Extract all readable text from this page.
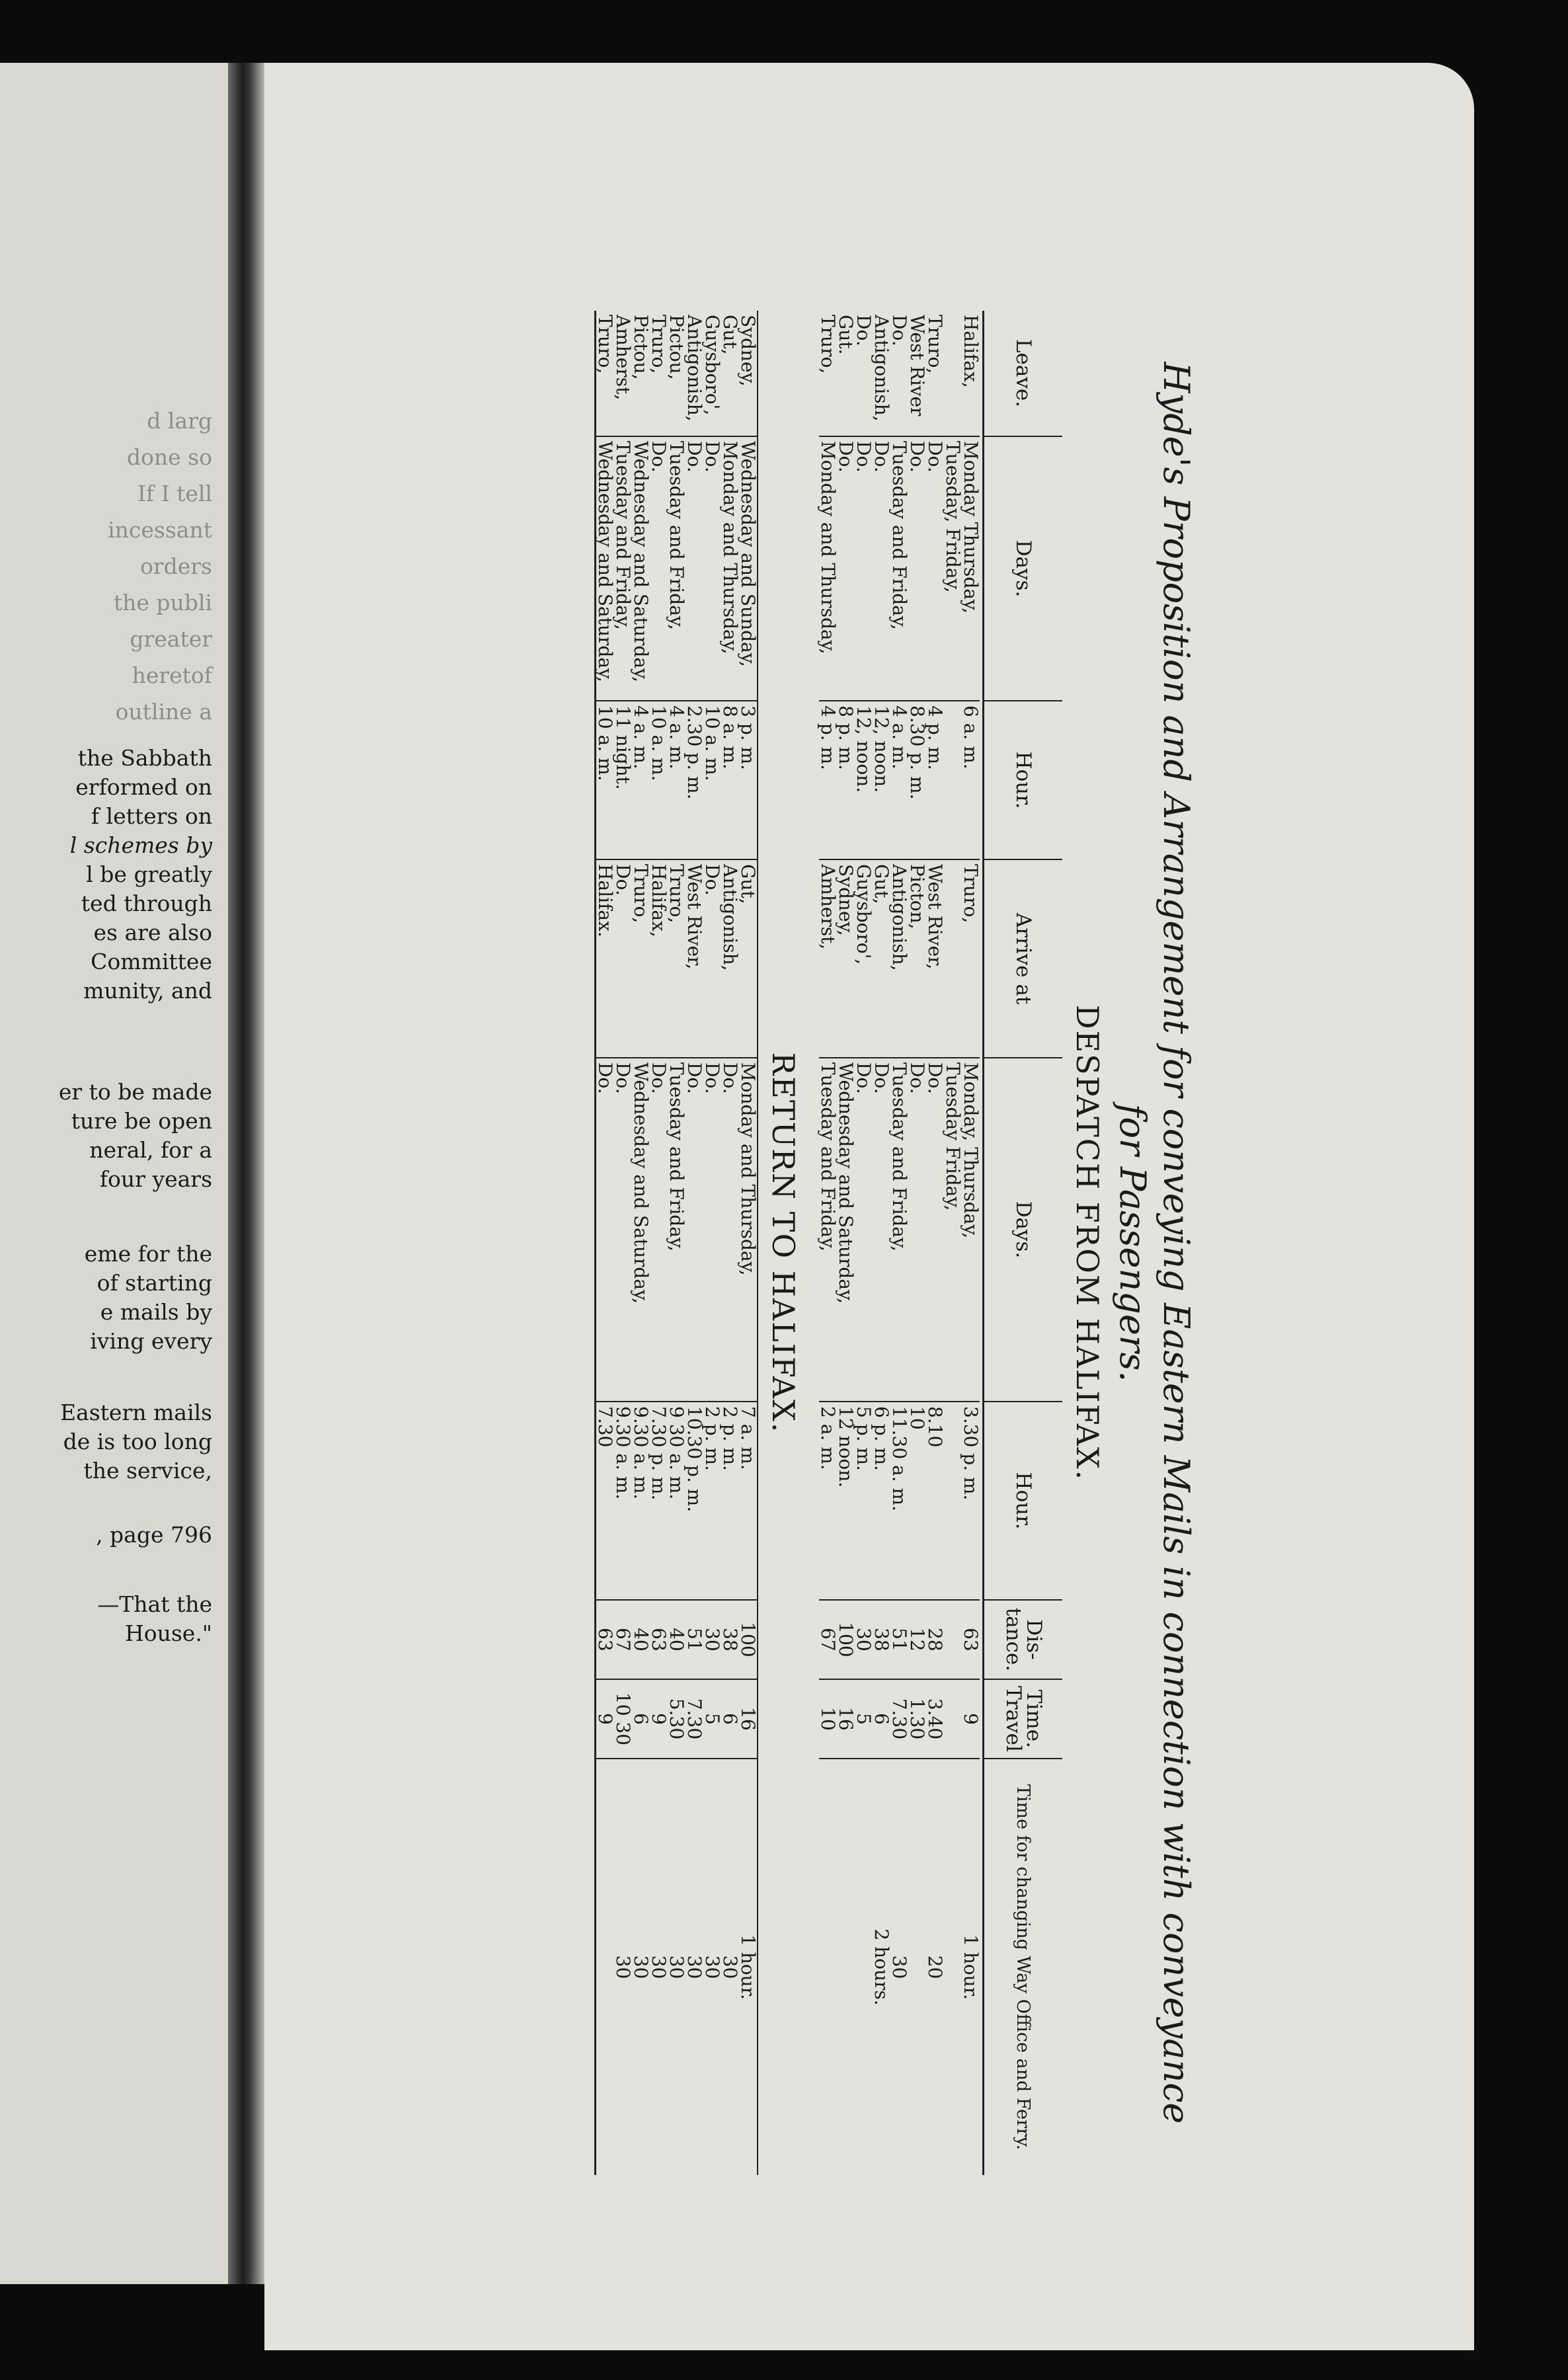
d larg
done so
If I tell
incessant
orders
the publi
greater
heretof
outline a
the Sabbath
erformed on
f letters on
l schemes by
l be greatly
ted through
es are also
Committee
munity, and
er to be made
ture be open
neral, for a
four years
eme for the
of starting
e mails by
iving every
Eastern mails
de is too long
the service,
, page 796
—That the
House."	Hyde's Proposition and Arrangement for conveying Eastern Mails in connection with conveyance
for Passengers.
DESPATCH FROM HALIFAX.
Leave.	Days.	Hour.	Arrive at	Days.	Hour.	Dis-tance.	Time. Travel	Time for changing Way Office and Ferry.
Halifax,	Monday Thursday,	6 a. m.	Truro,	Monday, Thursday,	3.30 p. m.	63	9	1 hour.
	Tuesday, Friday,			Tuesday Friday,				
Truro,	Do.	4 p. m.	West River,	Do.	8.10	28	3.40	20
West River	Do.	8.30 p. m.	Picton,	Do.	10	12	1.30	
Do.	Tuesday and Friday,	4 a. m.	Antigonish,	Tuesday and Friday,	11.30 a. m.	51	7.30	30
Antigonish,	Do.	12, noon.	Gut,	Do.	6 p. m.	38	6	2 hours.
Do.	Do.	12, noon.	Guysboro',	Do.	5 p. m.	30	5	
Gut.	Do.	8 p. m.	Sydney,	Wednesday and Saturday,	12 noon.	100	16	
Truro,	Monday and Thursday,	4 p. m.	Amherst,	Tuesday and Friday,	2 a. m.	67	10	
RETURN TO HALIFAX.
Sydney,	Wednesday and Sunday,	3 p. m.	Gut,	Monday and Thursday,	7 a. m.	100	16	1 hour.
Gut,	Monday and Thursday,	8 a. m.	Antigonish,	Do.	2 p. m.	38	6	30
Guysboro',	Do.	10 a. m.	Do.	Do.	2 p. m.	30	5	30
Antigonish,	Do.	2.30 p. m.	West River,	Do.	10.30 p. m.	51	7.30	30
Pictou,	Tuesday and Friday,	4 a. m.	Truro,	Tuesday and Friday,	9 30 a. m.	40	5.30	30
Truro,	Do.	10 a. m.	Halifax,	Do.	7.30 p. m.	63	9	30
Pictou,	Wednesday and Saturday,	4 a. m.	Truro,	Wednesday and Saturday,	9.30 a. m.	40	6	30
Amherst,	Tuesday and Friday,	11 night.	Do.	Do.	9.30 a. m.	67	10 30	30
Truro,	Wednesday and Saturday,	10 a. m.	Halifax.	Do.	7.30	63	9	
